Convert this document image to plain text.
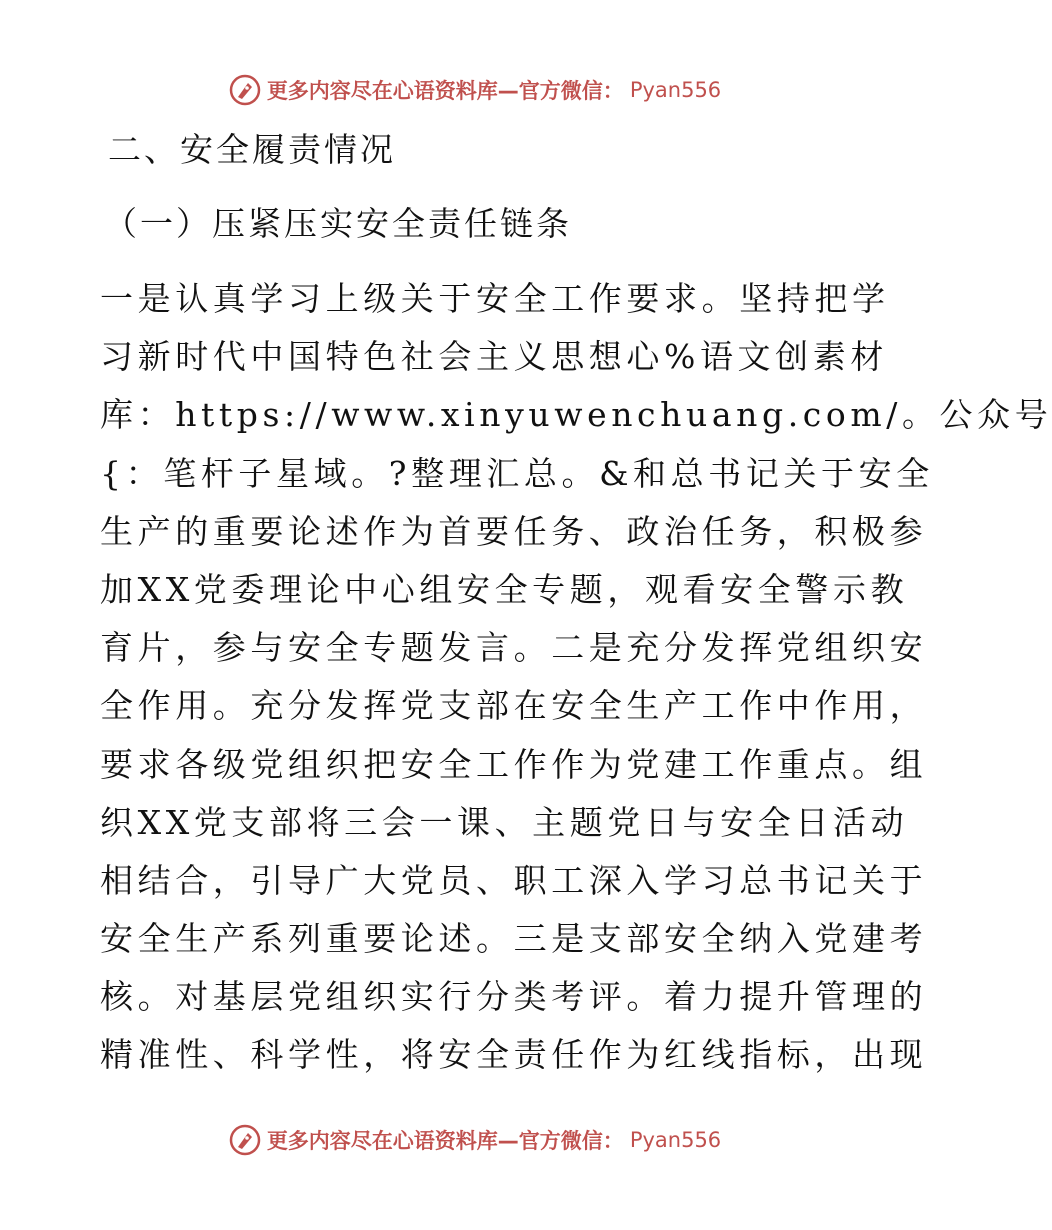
更多内容尽在心语资料库—官方微信： Pyan556
二、安全履责情况
（一）压紧压实安全责任链条
一是认真学习上级关于安全工作要求。坚持把学
习新时代中国特色社会主义思想心%语文创素材
库：https://www.xinyuwenchuang.com/。公众号
{：笔杆子星域。?整理汇总。&和总书记关于安全
生产的重要论述作为首要任务、政治任务，积极参
加XX党委理论中心组安全专题，观看安全警示教
育片，参与安全专题发言。二是充分发挥党组织安
全作用。充分发挥党支部在安全生产工作中作用，
要求各级党组织把安全工作作为党建工作重点。组
织XX党支部将三会一课、主题党日与安全日活动
相结合，引导广大党员、职工深入学习总书记关于
安全生产系列重要论述。三是支部安全纳入党建考
核。对基层党组织实行分类考评。着力提升管理的
精准性、科学性，将安全责任作为红线指标，出现
更多内容尽在心语资料库—官方微信： Pyan556
